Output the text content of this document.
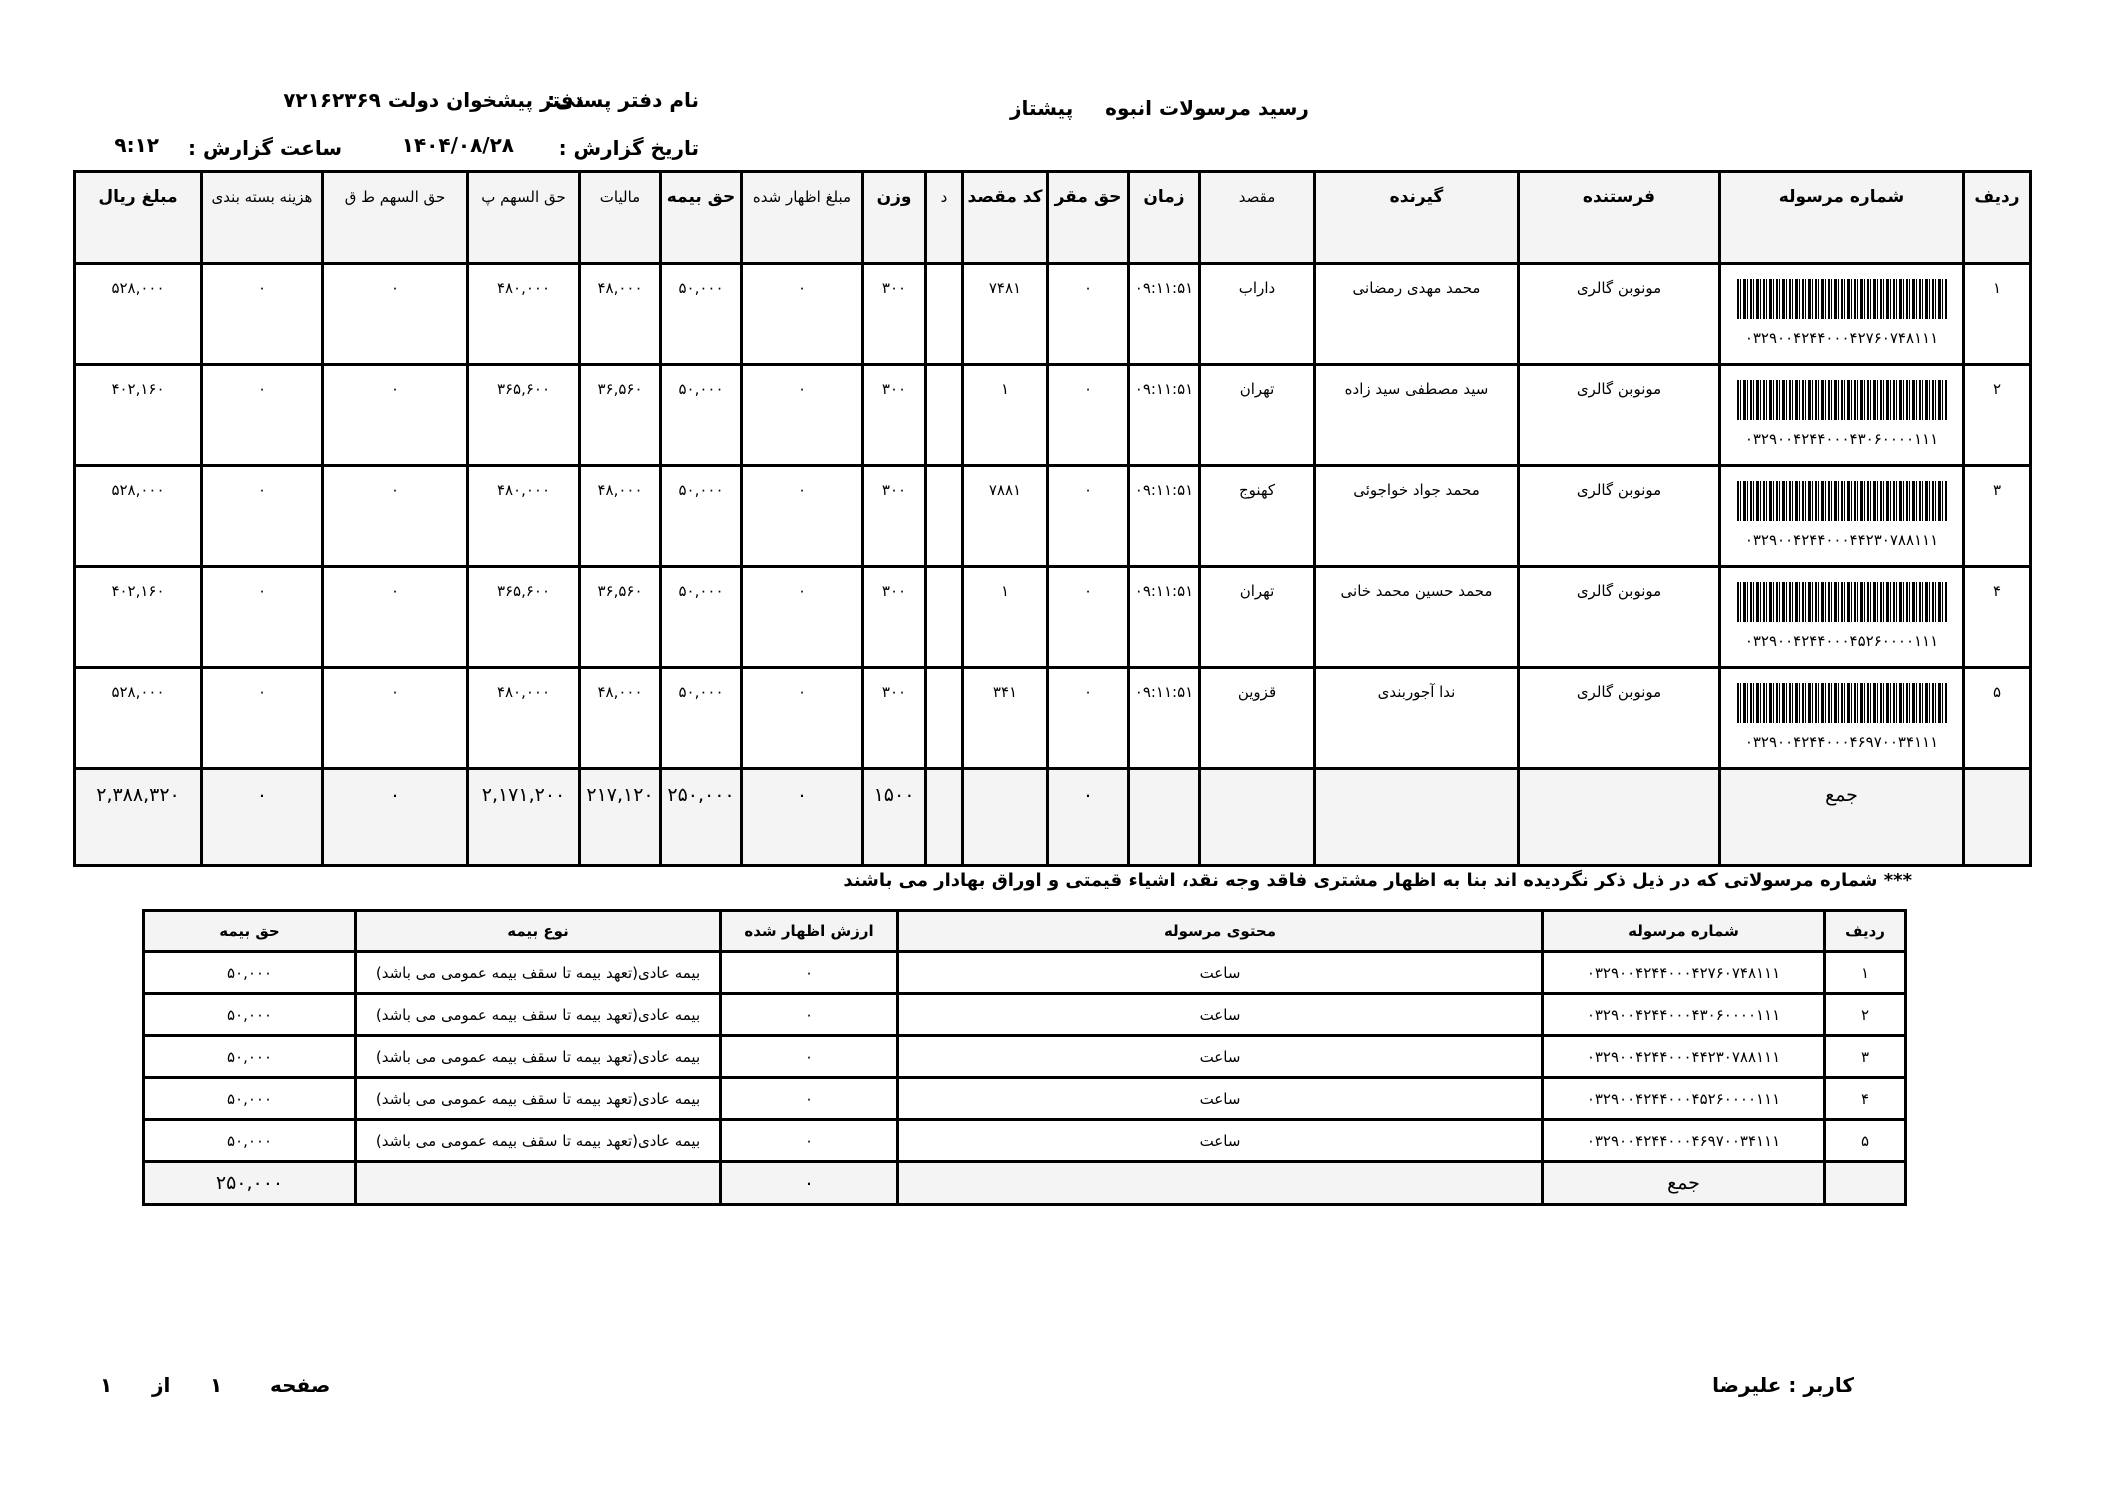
رسید مرسولات انبوه  پیشتاز
نام دفتر پستی:
دفتر پیشخوان دولت ۷۲۱۶۲۳۶۹
تاریخ گزارش :
۱۴۰۴/۰۸/۲۸
ساعت گزارش :
۹:۱۲
ردیف	شماره مرسوله	فرستنده	گیرنده	مقصد	زمان	حق مقر	کد مقصد	د	وزن	مبلغ اظهار شده	حق بیمه	مالیات	حق السهم پ	حق السهم ط ق	هزینه بسته بندی	مبلغ ریال
۱	۰۳۲۹۰۰۴۲۴۴۰۰۰۴۲۷۶۰۷۴۸۱۱۱	مونوبن گالری	محمد مهدی رمضانی	داراب	۰۹:۱۱:۵۱	۰	۷۴۸۱		۳۰۰	۰	۵۰,۰۰۰	۴۸,۰۰۰	۴۸۰,۰۰۰	۰	۰	۵۲۸,۰۰۰
۲	۰۳۲۹۰۰۴۲۴۴۰۰۰۴۳۰۶۰۰۰۰۱۱۱	مونوبن گالری	سید مصطفی سید زاده	تهران	۰۹:۱۱:۵۱	۰	۱		۳۰۰	۰	۵۰,۰۰۰	۳۶,۵۶۰	۳۶۵,۶۰۰	۰	۰	۴۰۲,۱۶۰
۳	۰۳۲۹۰۰۴۲۴۴۰۰۰۴۴۲۳۰۷۸۸۱۱۱	مونوبن گالری	محمد جواد خواجوئی	کهنوج	۰۹:۱۱:۵۱	۰	۷۸۸۱		۳۰۰	۰	۵۰,۰۰۰	۴۸,۰۰۰	۴۸۰,۰۰۰	۰	۰	۵۲۸,۰۰۰
۴	۰۳۲۹۰۰۴۲۴۴۰۰۰۴۵۲۶۰۰۰۰۱۱۱	مونوبن گالری	محمد حسین محمد خانی	تهران	۰۹:۱۱:۵۱	۰	۱		۳۰۰	۰	۵۰,۰۰۰	۳۶,۵۶۰	۳۶۵,۶۰۰	۰	۰	۴۰۲,۱۶۰
۵	۰۳۲۹۰۰۴۲۴۴۰۰۰۴۶۹۷۰۰۳۴۱۱۱	مونوبن گالری	ندا آجوربندی	قزوین	۰۹:۱۱:۵۱	۰	۳۴۱		۳۰۰	۰	۵۰,۰۰۰	۴۸,۰۰۰	۴۸۰,۰۰۰	۰	۰	۵۲۸,۰۰۰
	جمع					۰			۱۵۰۰	۰	۲۵۰,۰۰۰	۲۱۷,۱۲۰	۲,۱۷۱,۲۰۰	۰	۰	۲,۳۸۸,۳۲۰
*** شماره مرسولاتی که در ذیل ذکر نگردیده اند بنا به اظهار مشتری فاقد وجه نقد، اشیاء قیمتی و اوراق بهادار می باشند
ردیف	شماره مرسوله	محتوی مرسوله	ارزش اظهار شده	نوع بیمه	حق بیمه
۱	۰۳۲۹۰۰۴۲۴۴۰۰۰۴۲۷۶۰۷۴۸۱۱۱	ساعت	۰	بیمه عادی(تعهد بیمه تا سقف بیمه عمومی می باشد)	۵۰,۰۰۰
۲	۰۳۲۹۰۰۴۲۴۴۰۰۰۴۳۰۶۰۰۰۰۱۱۱	ساعت	۰	بیمه عادی(تعهد بیمه تا سقف بیمه عمومی می باشد)	۵۰,۰۰۰
۳	۰۳۲۹۰۰۴۲۴۴۰۰۰۴۴۲۳۰۷۸۸۱۱۱	ساعت	۰	بیمه عادی(تعهد بیمه تا سقف بیمه عمومی می باشد)	۵۰,۰۰۰
۴	۰۳۲۹۰۰۴۲۴۴۰۰۰۴۵۲۶۰۰۰۰۱۱۱	ساعت	۰	بیمه عادی(تعهد بیمه تا سقف بیمه عمومی می باشد)	۵۰,۰۰۰
۵	۰۳۲۹۰۰۴۲۴۴۰۰۰۴۶۹۷۰۰۳۴۱۱۱	ساعت	۰	بیمه عادی(تعهد بیمه تا سقف بیمه عمومی می باشد)	۵۰,۰۰۰
	جمع		۰		۲۵۰,۰۰۰
کاربر : علیرضا
صفحه
۱
از
۱
